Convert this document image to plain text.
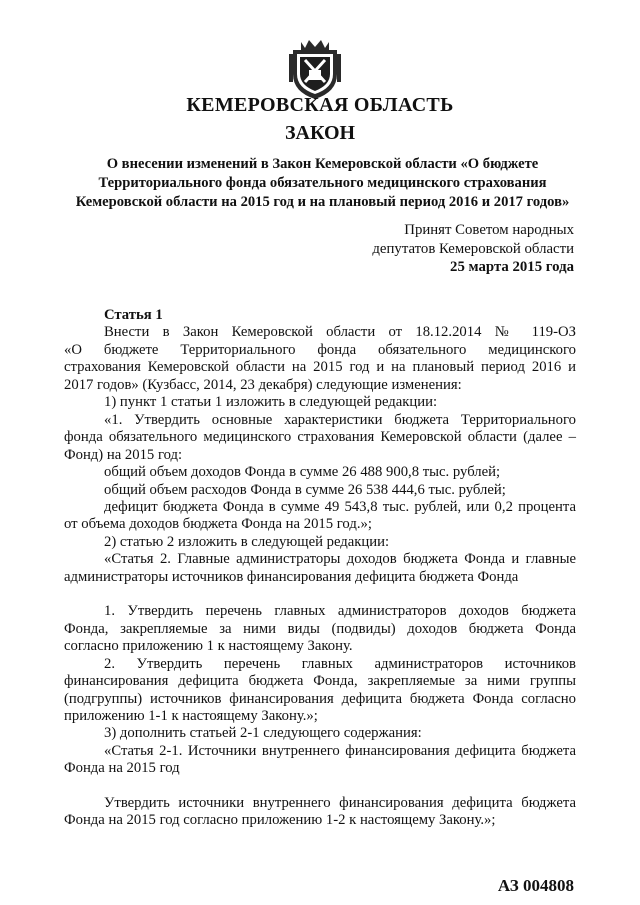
КЕМЕРОВСКАЯ ОБЛАСТЬ
ЗАКОН
О внесении изменений в Закон Кемеровской области «О бюджете
Территориального фонда обязательного медицинского страхования
Кемеровской области на 2015 год и на плановый период 2016 и 2017 годов»
Принят Советом народных
депутатов Кемеровской области
25 марта 2015 года

Статья 1

Внести в Закон Кемеровской области от 18.12.2014 № 119-ОЗ

«О бюджете Территориального фонда обязательного медицинского

страхования Кемеровской области на 2015 год и на плановый период 2016 и

2017 годов» (Кузбасс, 2014, 23 декабря) следующие изменения:

1) пункт 1 статьи 1 изложить в следующей редакции:

«1. Утвердить основные характеристики бюджета Территориального

фонда обязательного медицинского страхования Кемеровской области (далее –

Фонд) на 2015 год:

общий объем доходов Фонда в сумме 26 488 900,8 тыс. рублей;

общий объем расходов Фонда в сумме 26 538 444,6 тыс. рублей;

дефицит бюджета Фонда в сумме 49 543,8 тыс. рублей, или 0,2 процента

от объема доходов бюджета Фонда на 2015 год.»;

2) статью 2 изложить в следующей редакции:

«Статья 2. Главные администраторы доходов бюджета Фонда и главные

администраторы источников финансирования дефицита бюджета Фонда

1. Утвердить перечень главных администраторов доходов бюджета

Фонда, закрепляемые за ними виды (подвиды) доходов бюджета Фонда

согласно приложению 1 к настоящему Закону.

2. Утвердить перечень главных администраторов источников

финансирования дефицита бюджета Фонда, закрепляемые за ними группы

(подгруппы) источников финансирования дефицита бюджета Фонда согласно

приложению 1-1 к настоящему Закону.»;

3) дополнить статьей 2-1 следующего содержания:

«Статья 2-1. Источники внутреннего финансирования дефицита бюджета

Фонда на 2015 год

Утвердить источники внутреннего финансирования дефицита бюджета

Фонда на 2015 год согласно приложению 1-2 к настоящему Закону.»;

АЗ 004808
